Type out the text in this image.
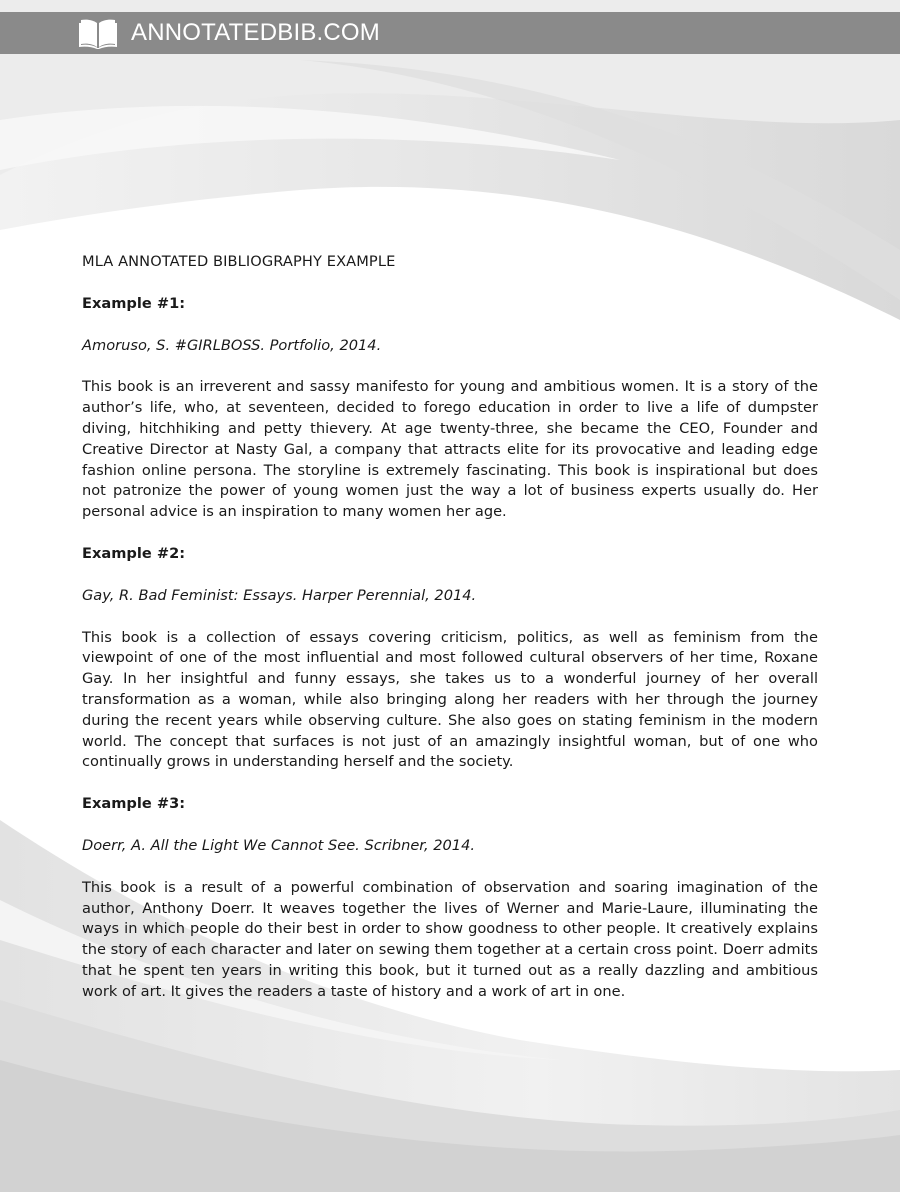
ANNOTATEDBIB.COM
MLA ANNOTATED BIBLIOGRAPHY EXAMPLE

Example #1:

Amoruso, S. #GIRLBOSS. Portfolio, 2014.

This book is an irreverent and sassy manifesto for young and ambitious women. It is a story of the author’s life, who, at seventeen, decided to forego education in order to live a life of dumpster diving, hitchhiking and petty thievery. At age twenty-three, she became the CEO, Founder and Creative Director at Nasty Gal, a company that attracts elite for its provocative and leading edge fashion online persona. The storyline is extremely fascinating. This book is inspirational but does not patronize the power of young women just the way a lot of business experts usually do. Her personal advice is an inspiration to many women her age.

Example #2:

Gay, R. Bad Feminist: Essays. Harper Perennial, 2014.

This book is a collection of essays covering criticism, politics, as well as feminism from the viewpoint of one of the most influential and most followed cultural observers of her time, Roxane Gay. In her insightful and funny essays, she takes us to a wonderful journey of her overall transformation as a woman, while also bringing along her readers with her through the journey during the recent years while observing culture. She also goes on stating feminism in the modern world. The concept that surfaces is not just of an amazingly insightful woman, but of one who continually grows in understanding herself and the society.

Example #3:

Doerr, A. All the Light We Cannot See. Scribner, 2014.

This book is a result of a powerful combination of observation and soaring imagination of the author, Anthony Doerr. It weaves together the lives of Werner and Marie-Laure, illuminating the ways in which people do their best in order to show goodness to other people. It creatively explains the story of each character and later on sewing them together at a certain cross point. Doerr admits that he spent ten years in writing this book, but it turned out as a really dazzling and ambitious work of art. It gives the readers a taste of history and a work of art in one.
